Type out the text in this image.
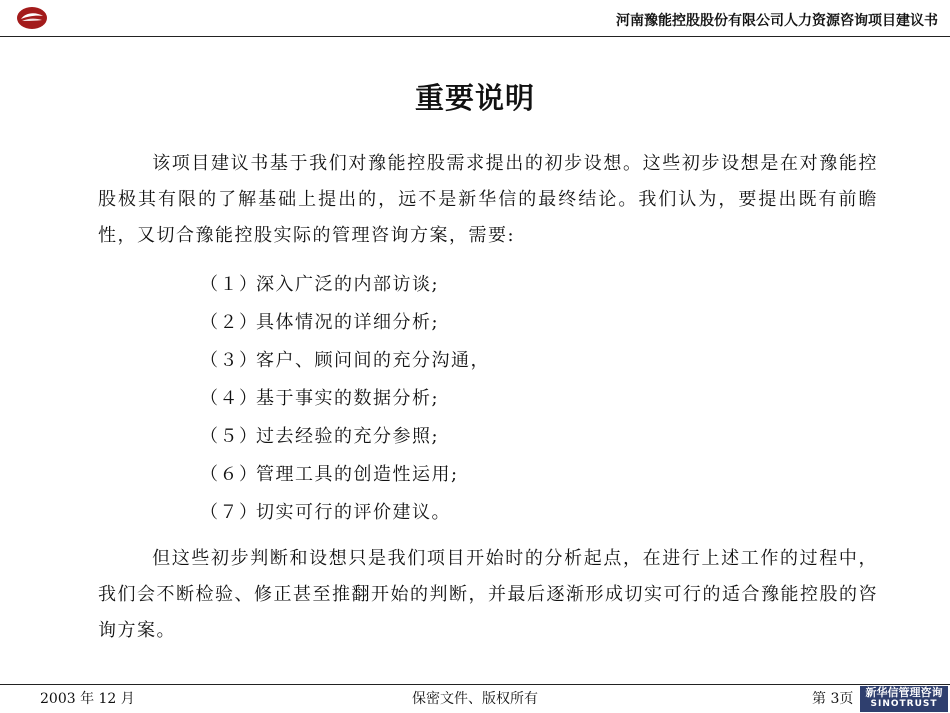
河南豫能控股股份有限公司人力资源咨询项目建议书
重要说明

该项目建议书基于我们对豫能控股需求提出的初步设想。这些初步设想是在对豫能控股极其有限的了解基础上提出的，远不是新华信的最终结论。我们认为，要提出既有前瞻性，又切合豫能控股实际的管理咨询方案，需要:

（１）深入广泛的内部访谈;
（２）具体情况的详细分析;
（３）客户、顾问间的充分沟通，
（４）基于事实的数据分析;
（５）过去经验的充分参照;
（６）管理工具的创造性运用;
（７）切实可行的评价建议。

但这些初步判断和设想只是我们项目开始时的分析起点，在进行上述工作的过程中，我们会不断检验、修正甚至推翻开始的判断，并最后逐渐形成切实可行的适合豫能控股的咨询方案。

2003 年 12 月	保密文件、版权所有	第 3页	新华信管理咨询
SINOTRUST
